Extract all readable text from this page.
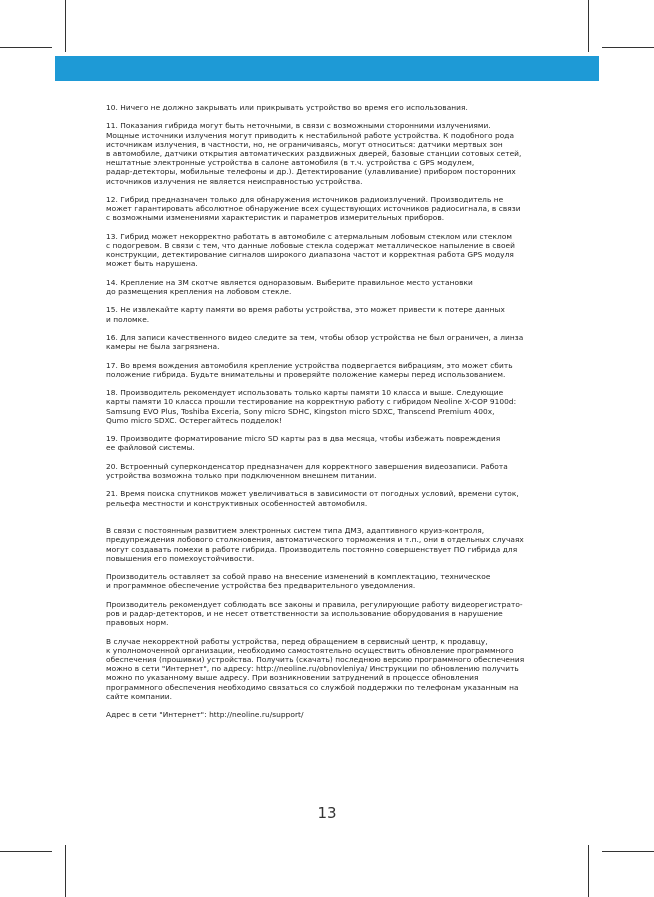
10. Ничего не должно закрывать или прикрывать устройство во время его использования.

11. Показания гибрида могут быть неточными, в связи с возможными сторонними излучениями.
Мощные источники излучения могут приводить к нестабильной работе устройства. К подобного рода
источникам излучения, в частности, но, не ограничиваясь, могут относиться: датчики мертвых зон
в автомобиле, датчики открытия автоматических раздвижных дверей, базовые станции сотовых сетей,
нештатные электронные устройства в салоне автомобиля (в т.ч. устройства с GPS модулем,
радар-детекторы, мобильные телефоны и др.). Детектирование (улавливание) прибором посторонних
источников излучения не является неисправностью устройства.

12. Гибрид предназначен только для обнаружения источников радиоизлучений. Производитель не
может гарантировать абсолютное обнаружение всех существующих источников радиосигнала, в связи
с возможными изменениями характеристик и параметров измерительных приборов.

13. Гибрид может некорректно работать в автомобиле с атермальным лобовым стеклом или стеклом
с подогревом. В связи с тем, что данные лобовые стекла содержат металлическое напыление в своей
конструкции, детектирование сигналов широкого диапазона частот и корректная работа GPS модуля
может быть нарушена.

14. Крепление на 3М скотче является одноразовым. Выберите правильное место установки
до размещения крепления на лобовом стекле.

15. Не извлекайте карту памяти во время работы устройства, это может привести к потере данных
и поломке.

16. Для записи качественного видео следите за тем, чтобы обзор устройства не был ограничен, а линза
камеры не была загрязнена.

17. Во время вождения автомобиля крепление устройства подвергается вибрациям, это может сбить
положение гибрида. Будьте внимательны и проверяйте положение камеры перед использованием.

18. Производитель рекомендует использовать только карты памяти 10 класса и выше. Следующие
карты памяти 10 класса прошли тестирование на корректную работу с гибридом Neoline X-COP 9100d:
Samsung EVO Plus, Toshiba Exceria, Sony micro SDHC, Kingston micro SDXC, Transcend Premium 400x,
Qumo micro SDXC. Остерегайтесь подделок!

19. Производите форматирование micro SD карты раз в два месяца, чтобы избежать повреждения
ее файловой системы.

20. Встроенный суперконденсатор предназначен для корректного завершения видеозаписи. Работа
устройства возможна только при подключенном внешнем питании.

21. Время поиска спутников может увеличиваться в зависимости от погодных условий, времени суток,
рельефа местности и конструктивных особенностей автомобиля.

В связи с постоянным развитием электронных систем типа ДМЗ, адаптивного круиз-контроля,
предупреждения лобового столкновения, автоматического торможения и т.п., они в отдельных случаях
могут создавать помехи в работе гибрида. Производитель постоянно совершенствует ПО гибрида для
повышения его помехоустойчивости.

Производитель оставляет за собой право на внесение изменений в комплектацию, техническое
и программное обеспечение устройства без предварительного уведомления.

Производитель рекомендует соблюдать все законы и правила, регулирующие работу видеорегистрато-
ров и радар-детекторов, и не несет ответственности за использование оборудования в нарушение
правовых норм.

В случае некорректной работы устройства, перед обращением в сервисный центр, к продавцу,
к уполномоченной организации, необходимо самостоятельно осуществить обновление программного
обеспечения (прошивки) устройства. Получить (скачать) последнюю версию программного обеспечения
можно в сети "Интернет", по адресу: http://neoline.ru/obnovleniya/ Инструкции по обновлению получить
можно по указанному выше адресу. При возникновении затруднений в процессе обновления
программного обеспечения необходимо связаться со службой поддержки по телефонам указанным на
сайте компании.

Адрес в сети "Интернет": http://neoline.ru/support/

13
